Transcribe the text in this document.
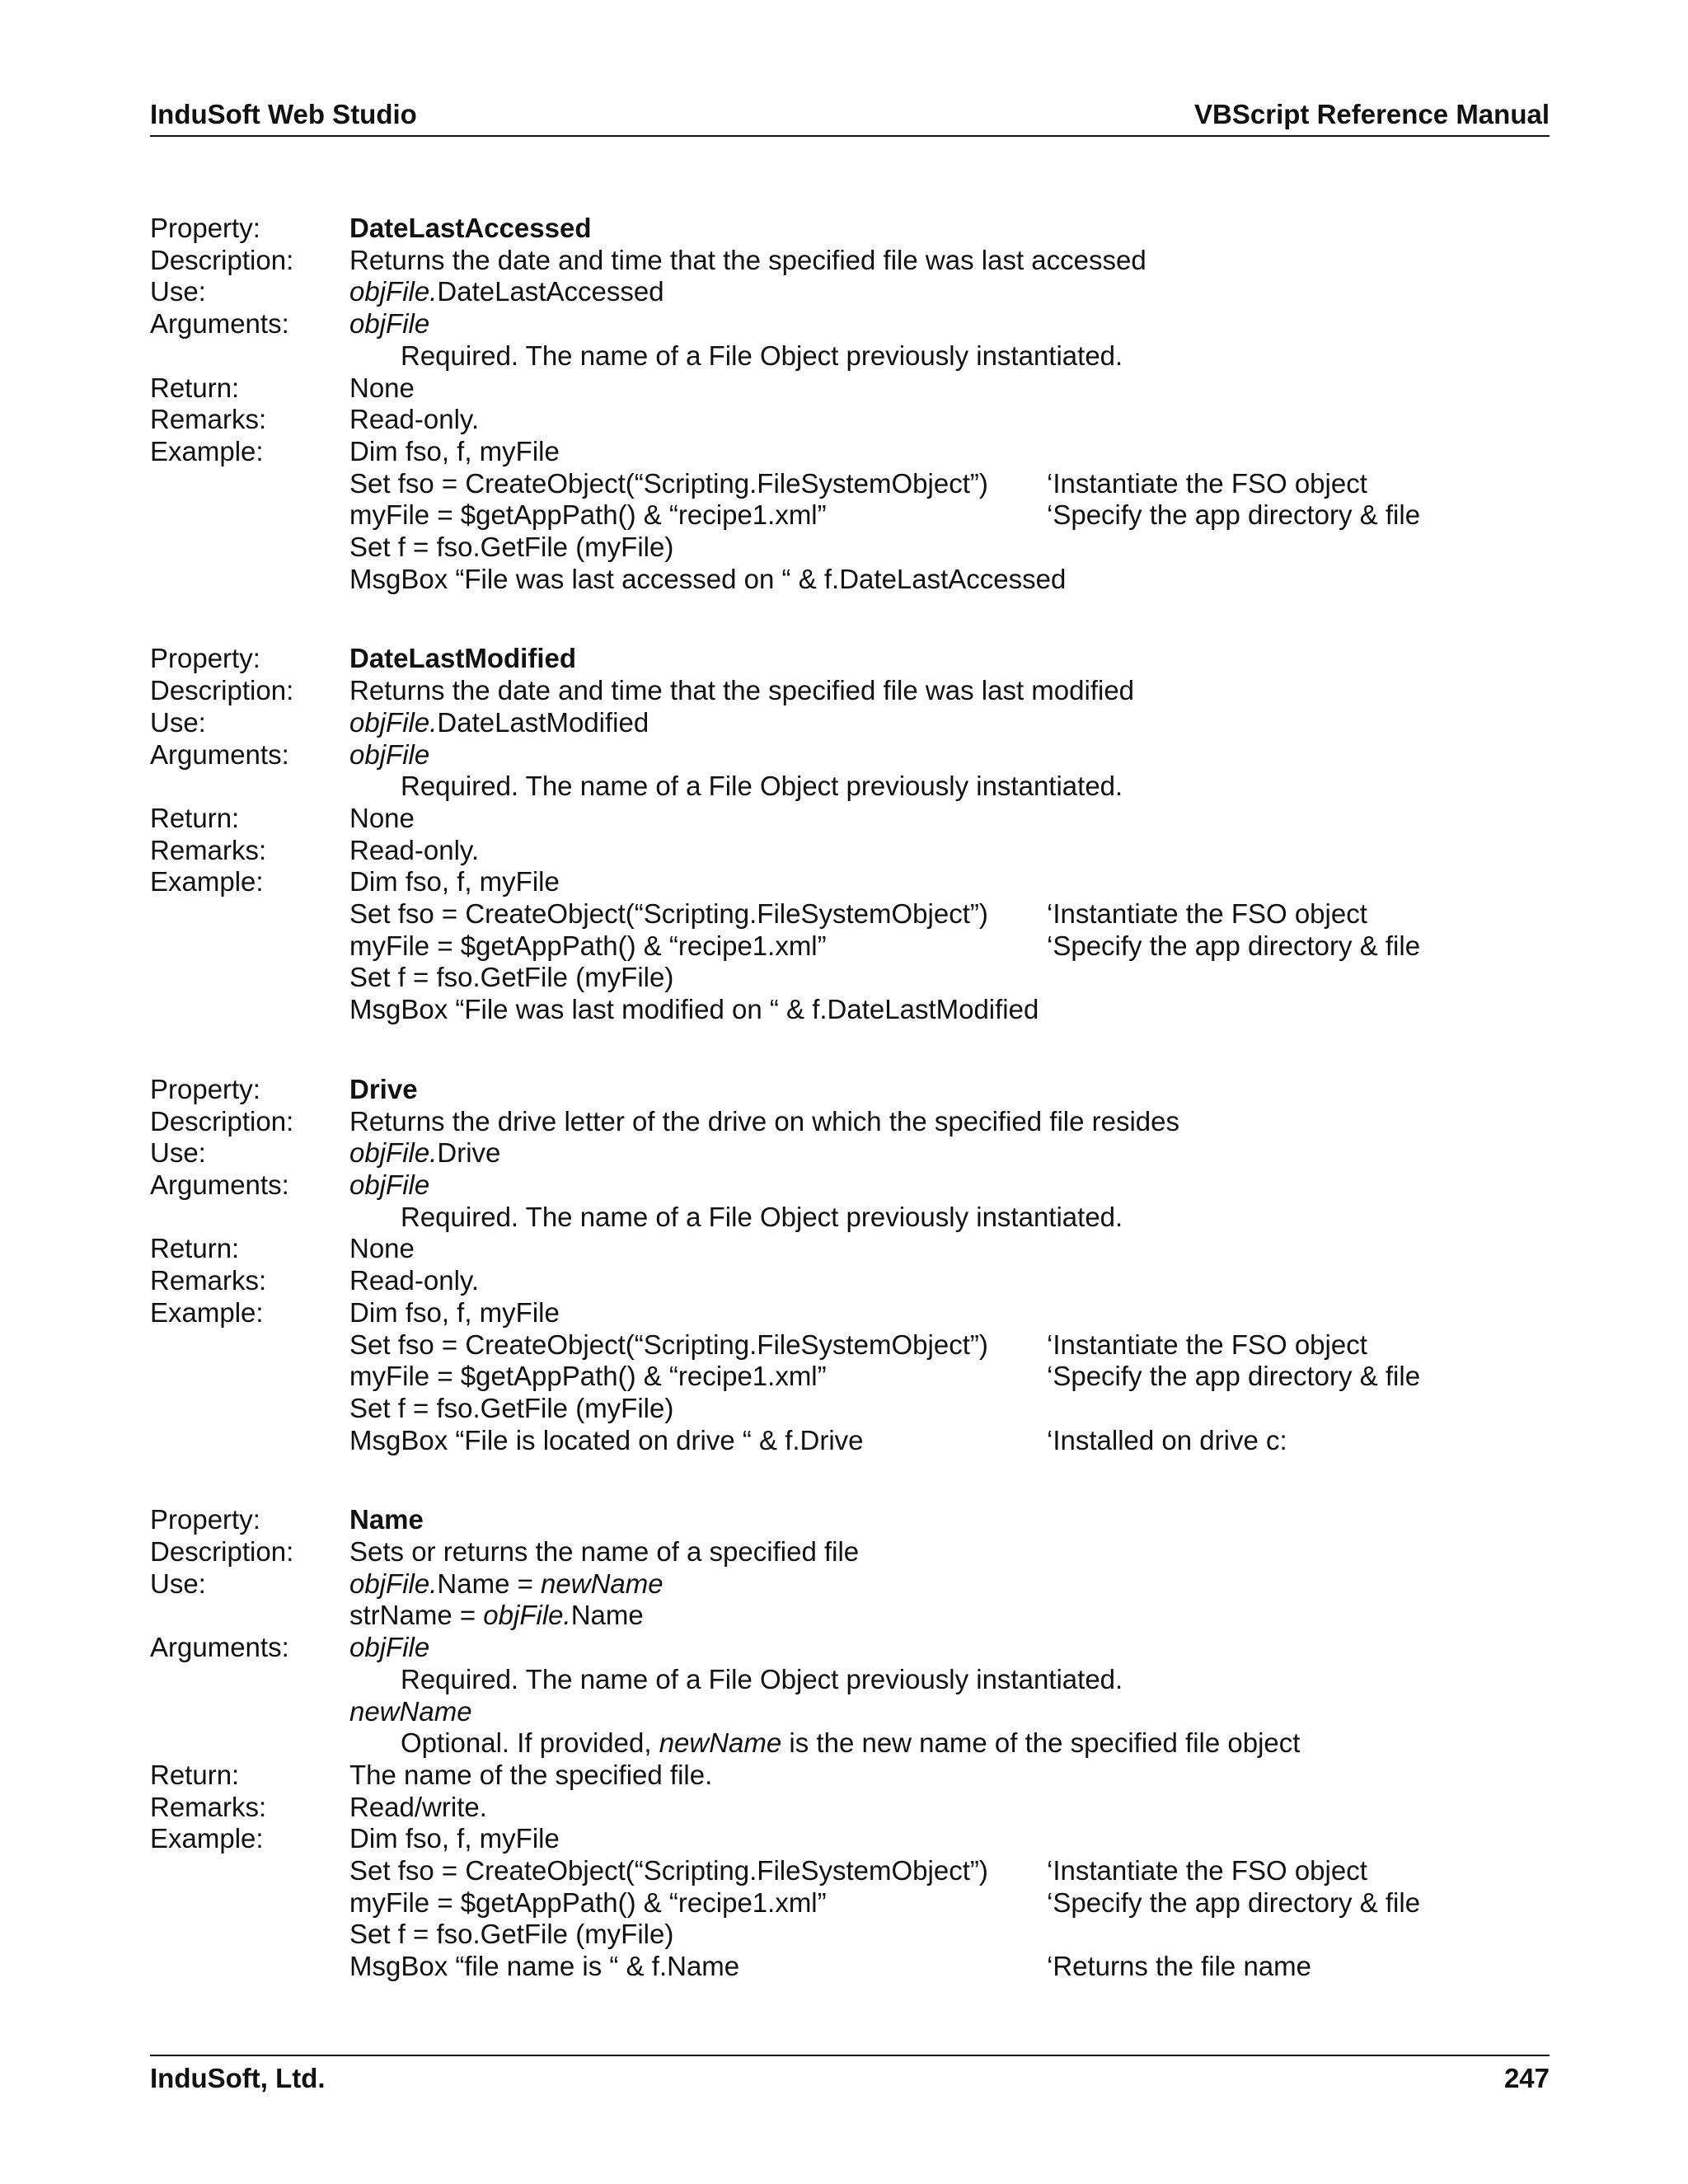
InduSoft Web Studio	VBScript Reference Manual
Property:	DateLastAccessed
Description:	Returns the date and time that the specified file was last accessed
Use:	objFile.DateLastAccessed
Arguments:	objFile
Required. The name of a File Object previously instantiated.
Return:	None
Remarks:	Read-only.
Example:	Dim fso, f, myFile
Set fso = CreateObject(“Scripting.FileSystemObject”)	‘Instantiate the FSO object
myFile = $getAppPath() & “recipe1.xml”	‘Specify the app directory & file
Set f = fso.GetFile (myFile)
MsgBox “File was last accessed on “ & f.DateLastAccessed
Property:	DateLastModified
Description:	Returns the date and time that the specified file was last modified
Use:	objFile.DateLastModified
Arguments:	objFile
Required. The name of a File Object previously instantiated.
Return:	None
Remarks:	Read-only.
Example:	Dim fso, f, myFile
Set fso = CreateObject(“Scripting.FileSystemObject”)	‘Instantiate the FSO object
myFile = $getAppPath() & “recipe1.xml”	‘Specify the app directory & file
Set f = fso.GetFile (myFile)
MsgBox “File was last modified on “ & f.DateLastModified
Property:	Drive
Description:	Returns the drive letter of the drive on which the specified file resides
Use:	objFile.Drive
Arguments:	objFile
Required. The name of a File Object previously instantiated.
Return:	None
Remarks:	Read-only.
Example:	Dim fso, f, myFile
Set fso = CreateObject(“Scripting.FileSystemObject”)	‘Instantiate the FSO object
myFile = $getAppPath() & “recipe1.xml”	‘Specify the app directory & file
Set f = fso.GetFile (myFile)
MsgBox “File is located on drive “ & f.Drive	‘Installed on drive c:
Property:	Name
Description:	Sets or returns the name of a specified file
Use:	objFile.Name = newName
strName = objFile.Name
Arguments:	objFile
Required. The name of a File Object previously instantiated.
newName
Optional. If provided, newName is the new name of the specified file object
Return:	The name of the specified file.
Remarks:	Read/write.
Example:	Dim fso, f, myFile
Set fso = CreateObject(“Scripting.FileSystemObject”)	‘Instantiate the FSO object
myFile = $getAppPath() & “recipe1.xml”	‘Specify the app directory & file
Set f = fso.GetFile (myFile)
MsgBox “file name is “ & f.Name	‘Returns the file name
InduSoft, Ltd.	247
